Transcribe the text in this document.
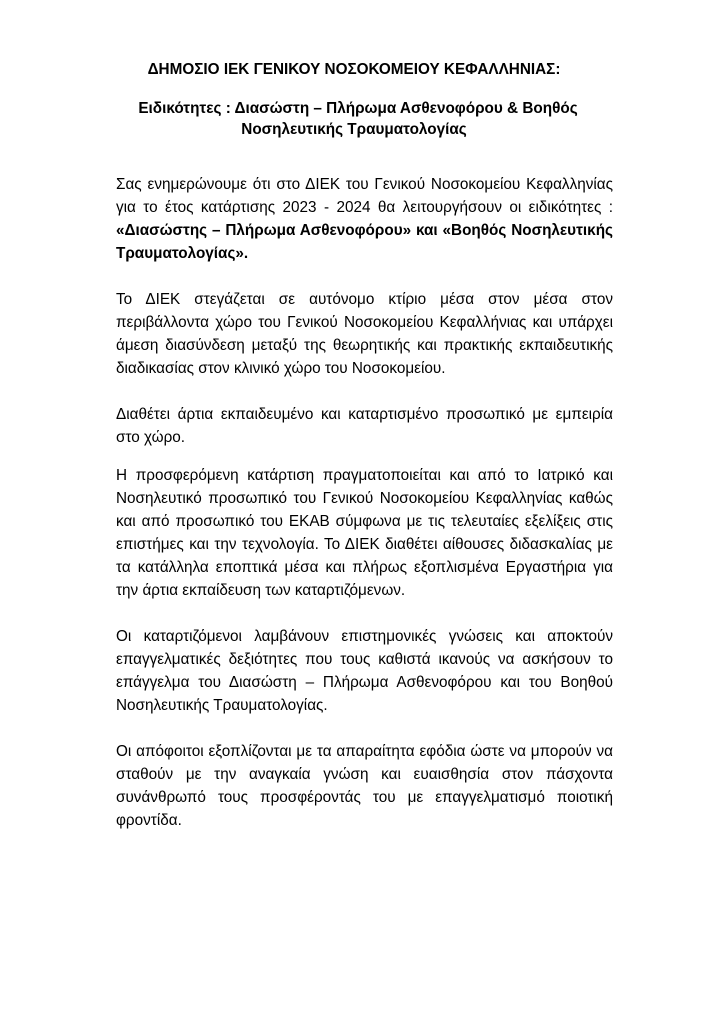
ΔΗΜΟΣΙΟ ΙΕΚ ΓΕΝΙΚΟΥ ΝΟΣΟΚΟΜΕΙΟΥ ΚΕΦΑΛΛΗΝΙΑΣ:
Ειδικότητες : Διασώστη – Πλήρωμα Ασθενοφόρου & Βοηθός
Νοσηλευτικής Τραυματολογίας

Σας ενημερώνουμε ότι στο ΔΙΕΚ του Γενικού Νοσοκομείου Κεφαλληνίας για το έτος κατάρτισης 2023 - 2024 θα λειτουργήσουν οι ειδικότητες : «Διασώστης – Πλήρωμα Ασθενοφόρου» και «Βοηθός Νοσηλευτικής Τραυματολογίας».

Το ΔΙΕΚ στεγάζεται σε αυτόνομο κτίριο μέσα στον μέσα στον περιβάλλοντα χώρο του Γενικού Νοσοκομείου Κεφαλλήνιας και υπάρχει άμεση διασύνδεση μεταξύ της θεωρητικής και πρακτικής εκπαιδευτικής διαδικασίας στον κλινικό χώρο του Νοσοκομείου.

Διαθέτει άρτια εκπαιδευμένο και καταρτισμένο προσωπικό με εμπειρία στο χώρο.

Η προσφερόμενη κατάρτιση πραγματοποιείται και από το Ιατρικό και Νοσηλευτικό προσωπικό του Γενικού Νοσοκομείου Κεφαλληνίας καθώς και από προσωπικό του ΕΚΑΒ σύμφωνα με τις τελευταίες εξελίξεις στις επιστήμες και την τεχνολογία. Το ΔΙΕΚ διαθέτει αίθουσες διδασκαλίας με τα κατάλληλα εποπτικά μέσα και πλήρως εξοπλισμένα Εργαστήρια για την άρτια εκπαίδευση των καταρτιζόμενων.

Οι καταρτιζόμενοι λαμβάνουν επιστημονικές γνώσεις και αποκτούν επαγγελματικές δεξιότητες που τους καθιστά ικανούς να ασκήσουν το επάγγελμα του Διασώστη – Πλήρωμα Ασθενοφόρου και του Βοηθού Νοσηλευτικής Τραυματολογίας.

Οι απόφοιτοι εξοπλίζονται με τα απαραίτητα εφόδια ώστε να μπορούν να σταθούν με την αναγκαία γνώση και ευαισθησία στον πάσχοντα συνάνθρωπό τους προσφέροντάς του με επαγγελματισμό ποιοτική φροντίδα.
